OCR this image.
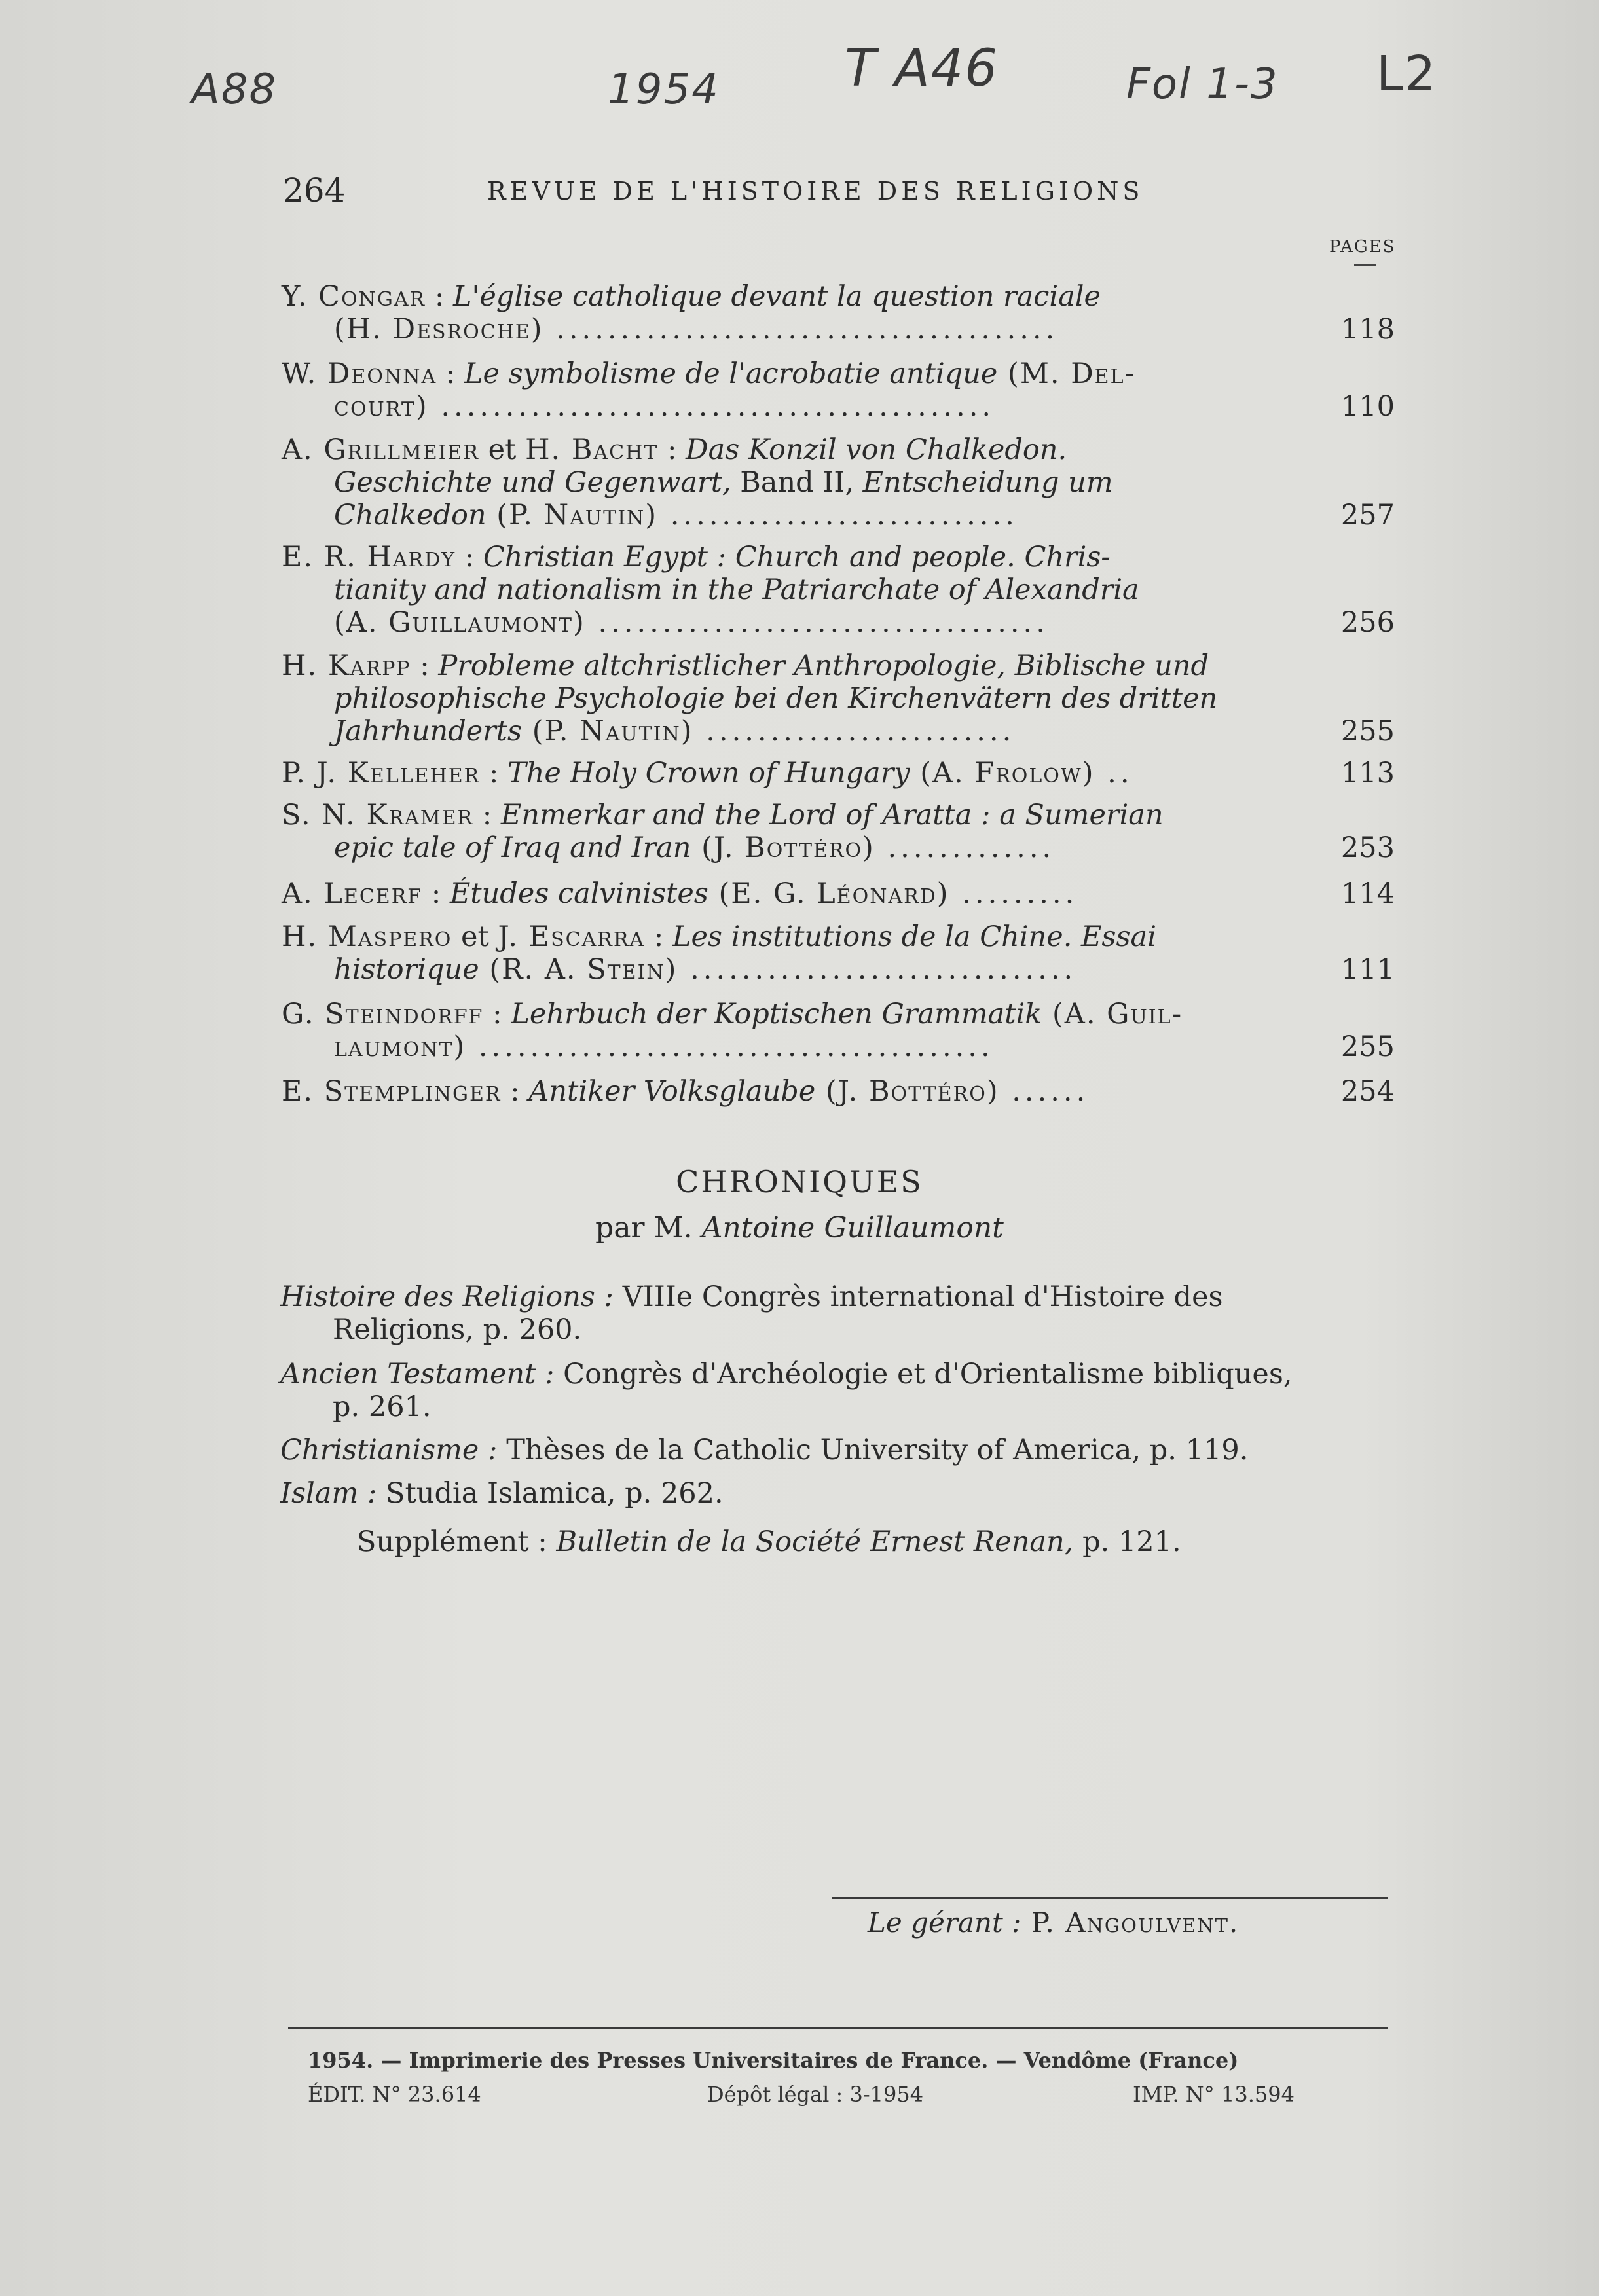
A88	1954 T A46	Fol 1-3 L2
264	REVUE DE L'HISTOIRE DES RELIGIONS
PAGES
Y. Congar : L'église catholique devant la question raciale
(H. Desroche) .......................................	118
W. Deonna : Le symbolisme de l'acrobatie antique (M. Del-
court) ...........................................	110
A. Grillmeier et H. Bacht : Das Konzil von Chalkedon.
Geschichte und Gegenwart, Band II, Entscheidung um
Chalkedon (P. Nautin) ...........................	257
E. R. Hardy : Christian Egypt : Church and people. Chris-
tianity and nationalism in the Patriarchate of Alexandria
(A. Guillaumont) ...................................	256
H. Karpp : Probleme altchristlicher Anthropologie, Biblische und
philosophische Psychologie bei den Kirchenvätern des dritten
Jahrhunderts (P. Nautin) ........................	255
P. J. Kelleher : The Holy Crown of Hungary (A. Frolow) ..	113
S. N. Kramer : Enmerkar and the Lord of Aratta : a Sumerian
epic tale of Iraq and Iran (J. Bottéro) .............	253
A. Lecerf : Études calvinistes (E. G. Léonard) .........	114
H. Maspero et J. Escarra : Les institutions de la Chine. Essai
historique (R. A. Stein) ..............................	111
G. Steindorff : Lehrbuch der Koptischen Grammatik (A. Guil-
laumont) ........................................	255
E. Stemplinger : Antiker Volksglaube (J. Bottéro) ......	254
CHRONIQUES
par M. Antoine Guillaumont
Histoire des Religions : VIIIe Congrès international d'Histoire des
Religions, p. 260.
Ancien Testament : Congrès d'Archéologie et d'Orientalisme bibliques,
p. 261.
Christianisme : Thèses de la Catholic University of America, p. 119.
Islam : Studia Islamica, p. 262.
Supplément : Bulletin de la Société Ernest Renan, p. 121.
Le gérant : P. Angoulvent.
1954. — Imprimerie des Presses Universitaires de France. — Vendôme (France)
ÉDIT. N° 23.614	Dépôt légal : 3-1954	IMP. N° 13.594
